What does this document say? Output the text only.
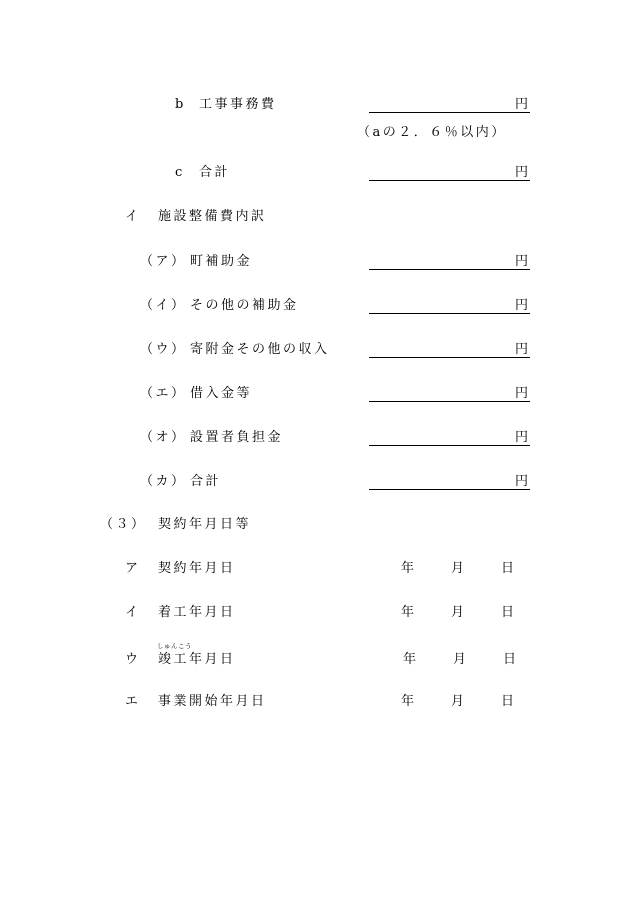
b 工事事務費	円
（aの２．６％以内）
c 合計	円
イ 施設整備費内訳
（ア） 町補助金	円
（イ） その他の補助金	円
（ウ） 寄附金その他の収入	円
（エ） 借入金等	円
（オ） 設置者負担金	円
（カ） 合計	円
（３） 契約年月日等
ア 契約年月日	年	月	日
イ 着工年月日	年	月	日
しゅんこう
ウ 竣工年月日	年	月	日
エ 事業開始年月日	年	月	日
